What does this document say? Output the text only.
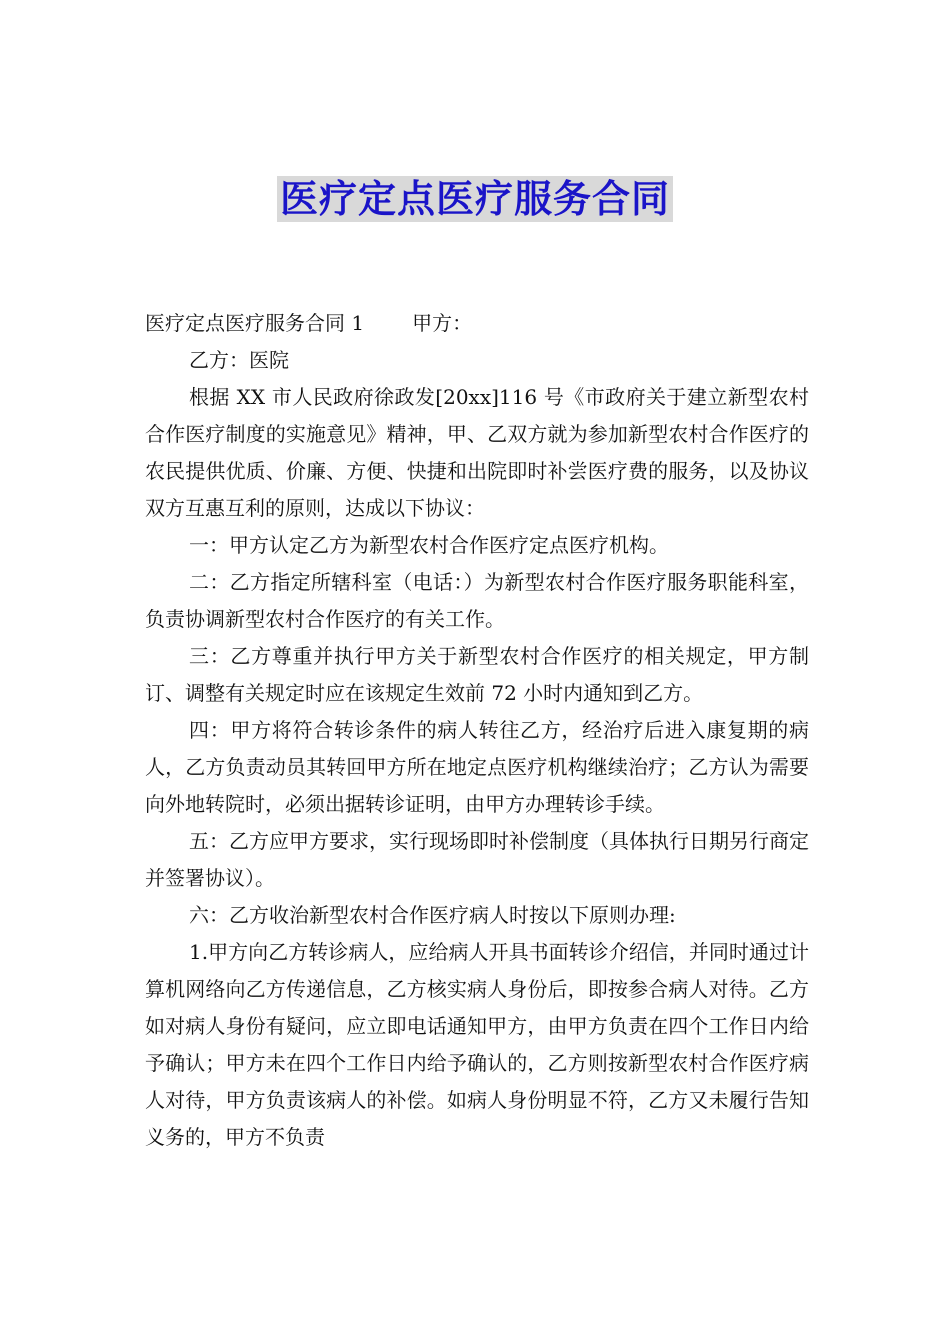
医疗定点医疗服务合同

医疗定点医疗服务合同 1 甲方：

乙方：医院

根据 XX 市人民政府徐政发[20xx]116 号《市政府关于建立新型农村合作医疗制度的实施意见》精神，甲、乙双方就为参加新型农村合作医疗的农民提供优质、价廉、方便、快捷和出院即时补尝医疗费的服务，以及协议双方互惠互利的原则，达成以下协议：

一：甲方认定乙方为新型农村合作医疗定点医疗机构。

二：乙方指定所辖科室（电话：）为新型农村合作医疗服务职能科室，负责协调新型农村合作医疗的有关工作。

三：乙方尊重并执行甲方关于新型农村合作医疗的相关规定，甲方制订、调整有关规定时应在该规定生效前 72 小时内通知到乙方。

四：甲方将符合转诊条件的病人转往乙方，经治疗后进入康复期的病人，乙方负责动员其转回甲方所在地定点医疗机构继续治疗；乙方认为需要向外地转院时，必须出据转诊证明，由甲方办理转诊手续。

五：乙方应甲方要求，实行现场即时补偿制度（具体执行日期另行商定并签署协议）。

六：乙方收治新型农村合作医疗病人时按以下原则办理:

1.甲方向乙方转诊病人，应给病人开具书面转诊介绍信，并同时通过计算机网络向乙方传递信息，乙方核实病人身份后，即按参合病人对待。乙方如对病人身份有疑问，应立即电话通知甲方，由甲方负责在四个工作日内给予确认；甲方未在四个工作日内给予确认的，乙方则按新型农村合作医疗病人对待，甲方负责该病人的补偿。如病人身份明显不符，乙方又未履行告知义务的，甲方不负责
